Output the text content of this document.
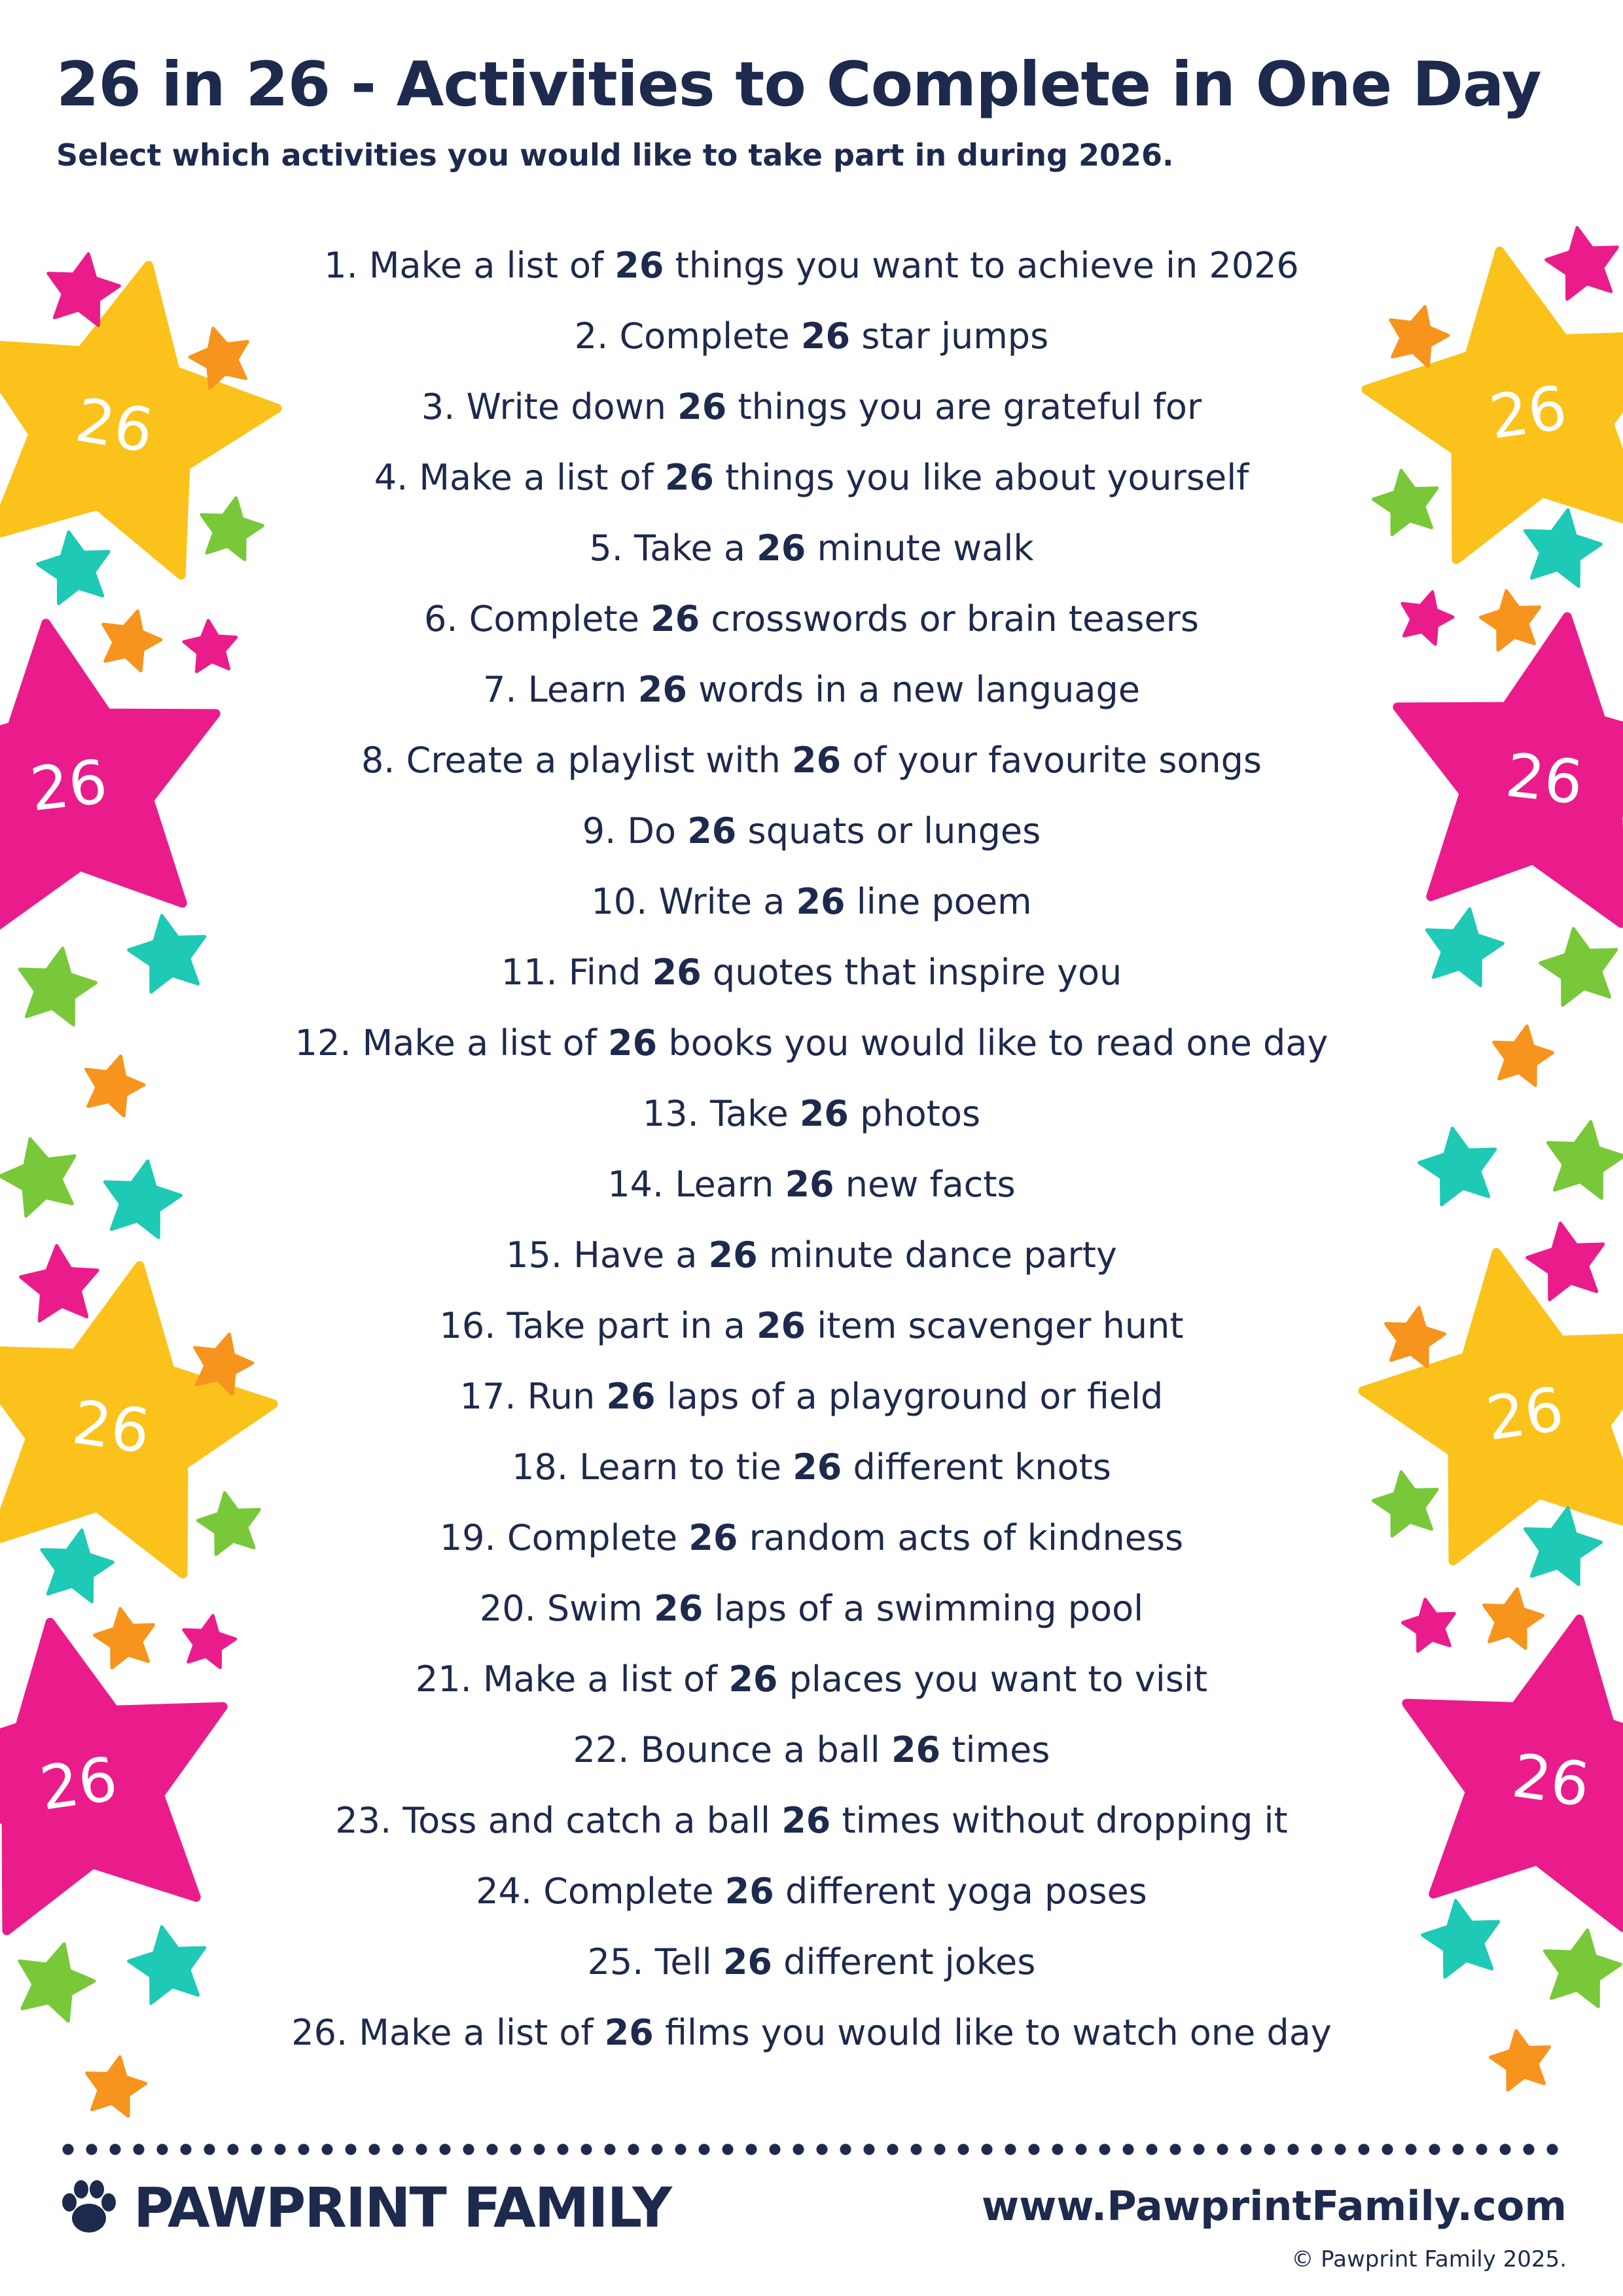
26
26
26
26
26
26
26
26
26 in 26 - Activities to Complete in One Day

Select which activities you would like to take part in during 2026.

1. Make a list of 26 things you want to achieve in 2026
2. Complete 26 star jumps
3. Write down 26 things you are grateful for
4. Make a list of 26 things you like about yourself
5. Take a 26 minute walk
6. Complete 26 crosswords or brain teasers
7. Learn 26 words in a new language
8. Create a playlist with 26 of your favourite songs
9. Do 26 squats or lunges
10. Write a 26 line poem
11. Find 26 quotes that inspire you
12. Make a list of 26 books you would like to read one day
13. Take 26 photos
14. Learn 26 new facts
15. Have a 26 minute dance party
16. Take part in a 26 item scavenger hunt
17. Run 26 laps of a playground or field
18. Learn to tie 26 different knots
19. Complete 26 random acts of kindness
20. Swim 26 laps of a swimming pool
21. Make a list of 26 places you want to visit
22. Bounce a ball 26 times
23. Toss and catch a ball 26 times without dropping it
24. Complete 26 different yoga poses
25. Tell 26 different jokes
26. Make a list of 26 films you would like to watch one day
PAWPRINT FAMILY	www.PawprintFamily.com
© Pawprint Family 2025.
